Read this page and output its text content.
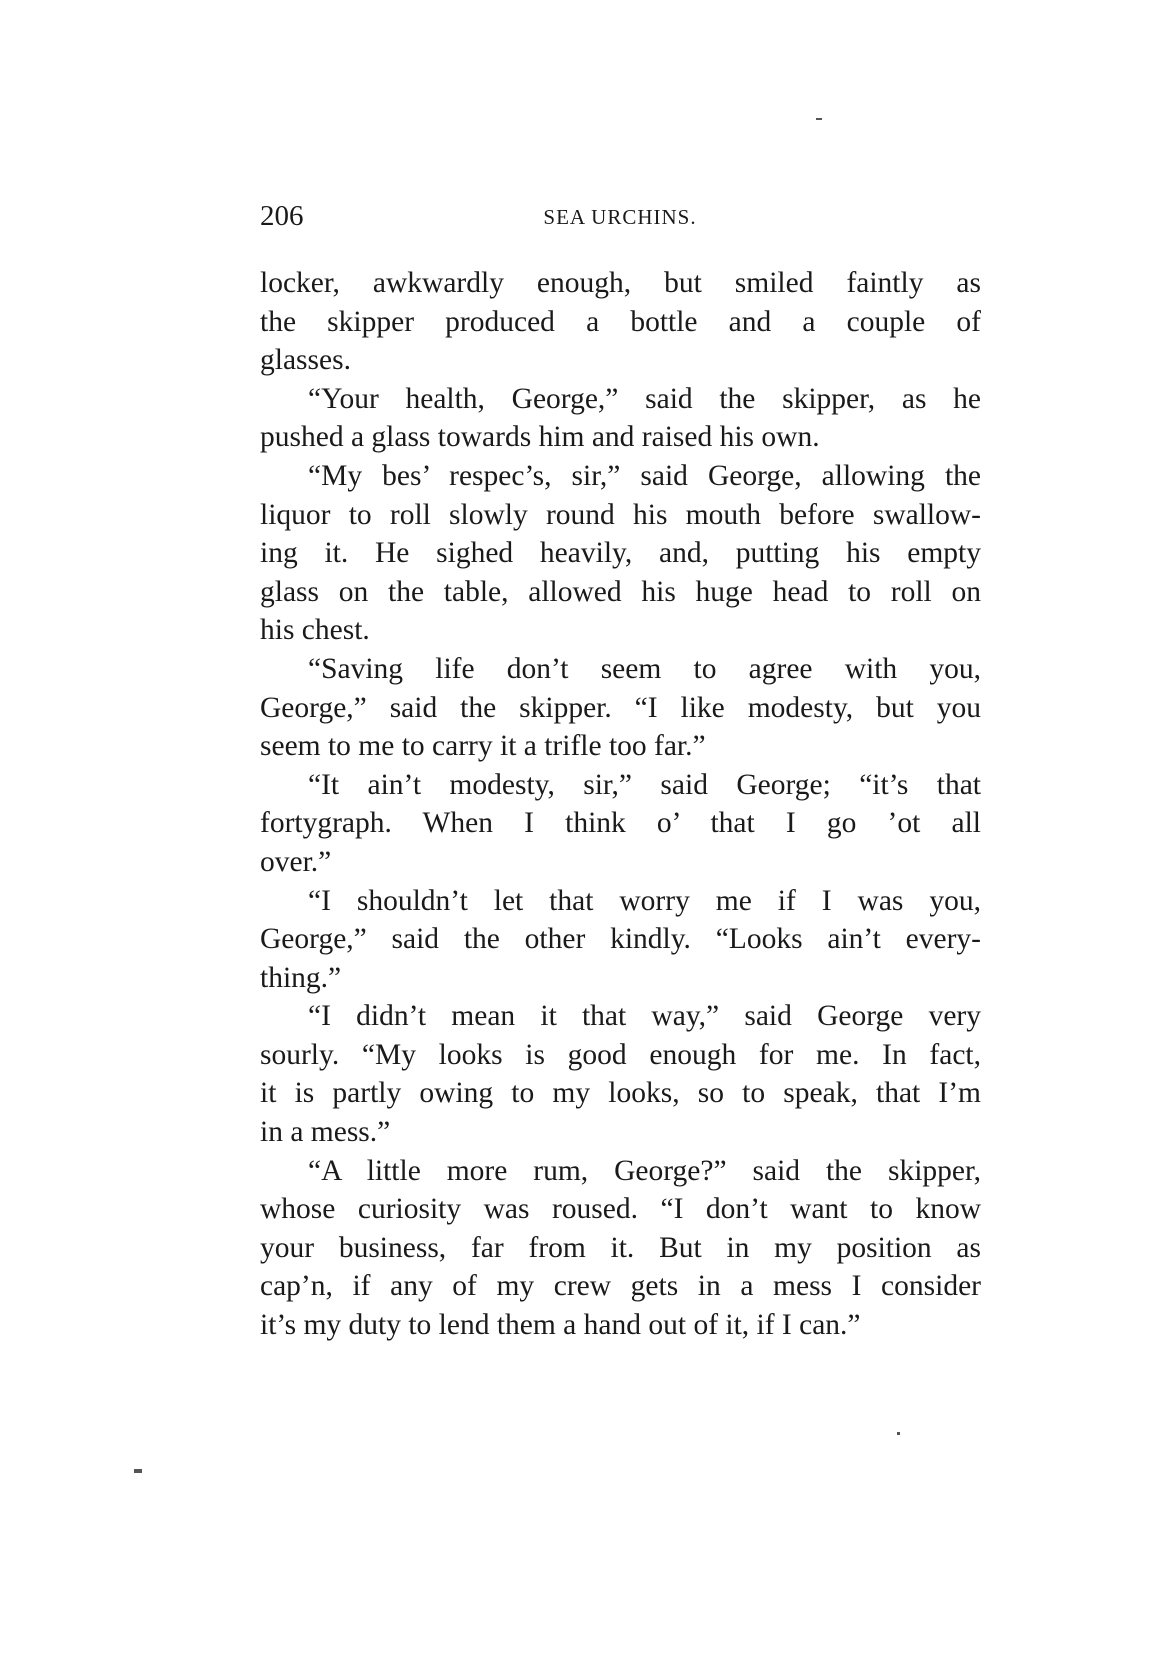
206	SEA URCHINS.

locker, awkwardly enough, but smiled faintly as
the skipper produced a bottle and a couple of
glasses.

“Your health, George,” said the skipper, as he
pushed a glass towards him and raised his own.

“My bes’ respec’s, sir,” said George, allowing the
liquor to roll slowly round his mouth before swallow-
ing it. He sighed heavily, and, putting his empty
glass on the table, allowed his huge head to roll on
his chest.

“Saving life don’t seem to agree with you,
George,” said the skipper. “I like modesty, but you
seem to me to carry it a trifle too far.”

“It ain’t modesty, sir,” said George; “it’s that
fortygraph. When I think o’ that I go ’ot all
over.”

“I shouldn’t let that worry me if I was you,
George,” said the other kindly. “Looks ain’t every-
thing.”

“I didn’t mean it that way,” said George very
sourly. “My looks is good enough for me. In fact,
it is partly owing to my looks, so to speak, that I’m
in a mess.”

“A little more rum, George?” said the skipper,
whose curiosity was roused. “I don’t want to know
your business, far from it. But in my position as
cap’n, if any of my crew gets in a mess I consider
it’s my duty to lend them a hand out of it, if I can.”
